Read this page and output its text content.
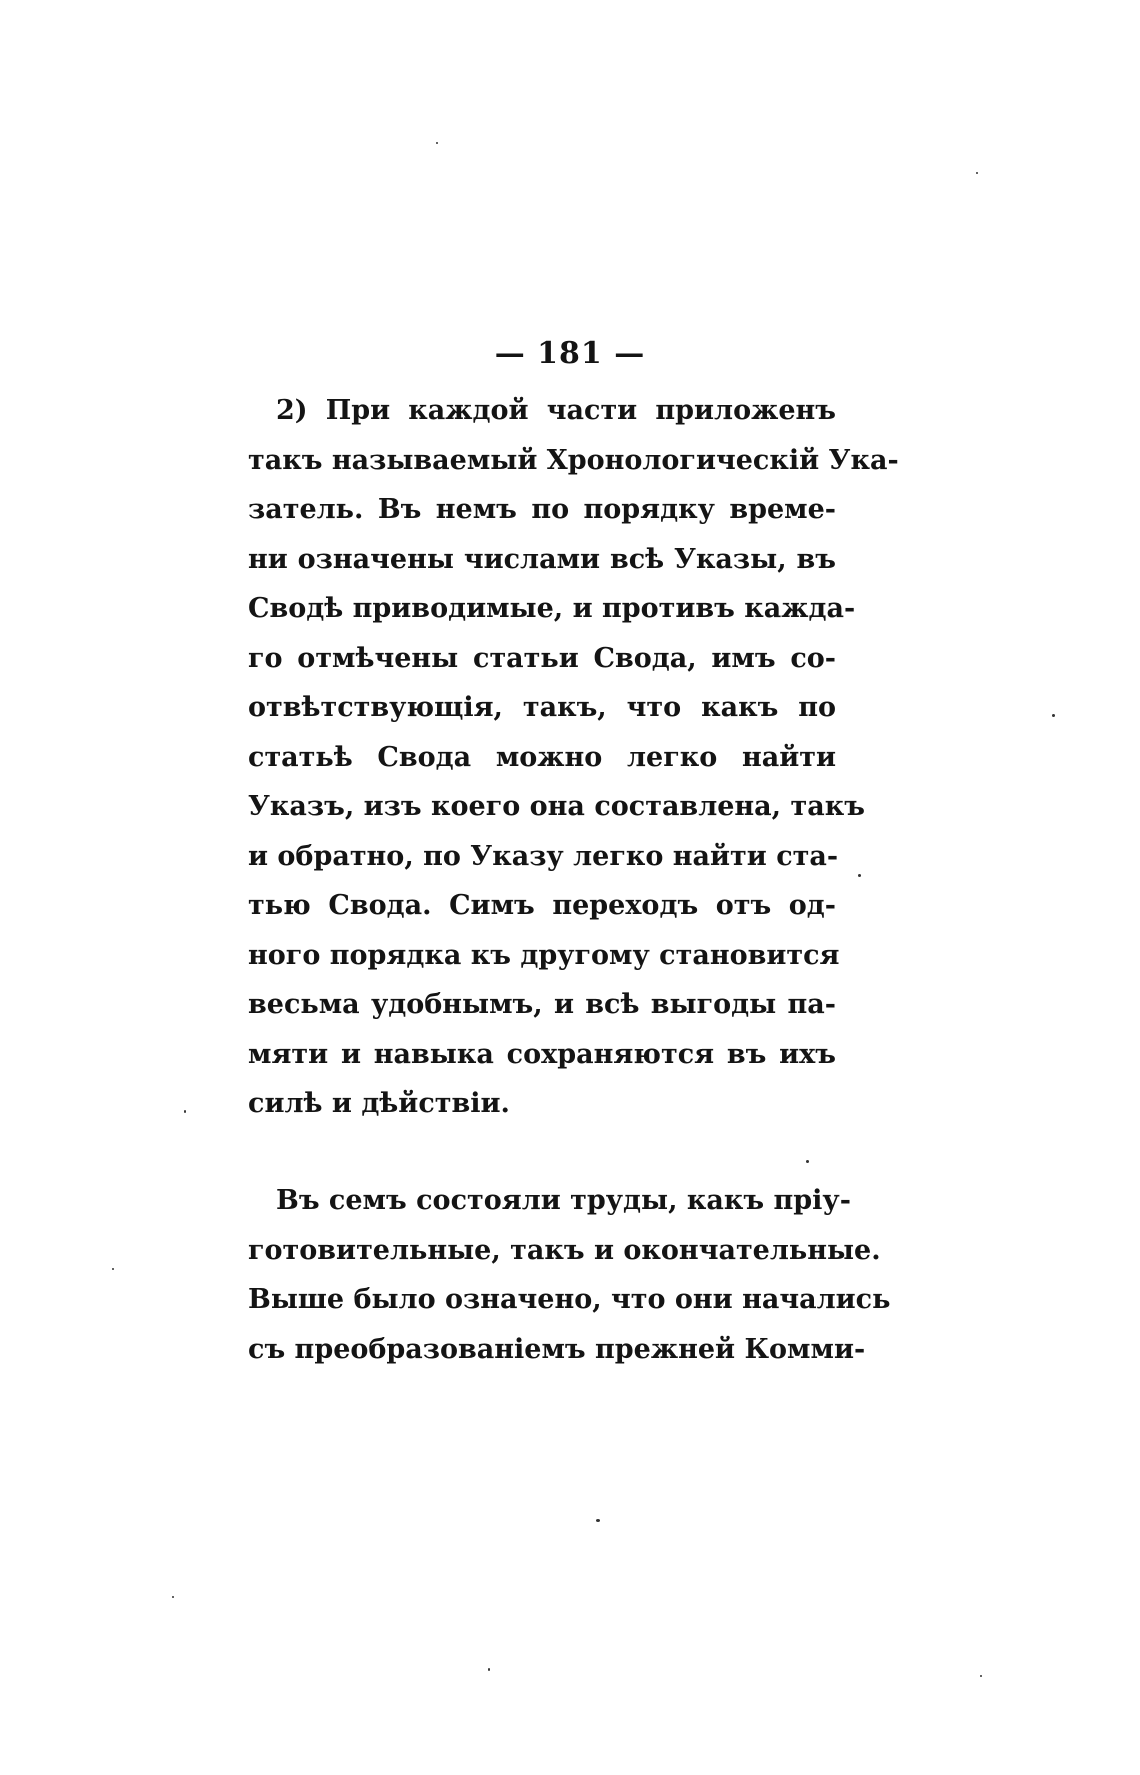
— 181 —
2) При каждой части приложенъ
такъ называемый Хронологическій Ука-
затель. Въ немъ по порядку време-
ни означены числами всѣ Указы, въ
Сводѣ приводимые, и противъ кажда-
го отмѣчены статьи Свода, имъ со-
отвѣтствующія, такъ, что какъ по
статьѣ Свода можно легко найти
Указъ, изъ коего она составлена, такъ
и обратно, по Указу легко найти ста-
тью Свода. Симъ переходъ отъ од-
ного порядка къ другому становится
весьма удобнымъ, и всѣ выгоды па-
мяти и навыка сохраняются въ ихъ
силѣ и дѣйствіи.
Въ семъ состояли труды, какъ пріу-
готовительные, такъ и окончательные.
Выше было означено, что они начались
съ преобразованіемъ прежней Комми-
